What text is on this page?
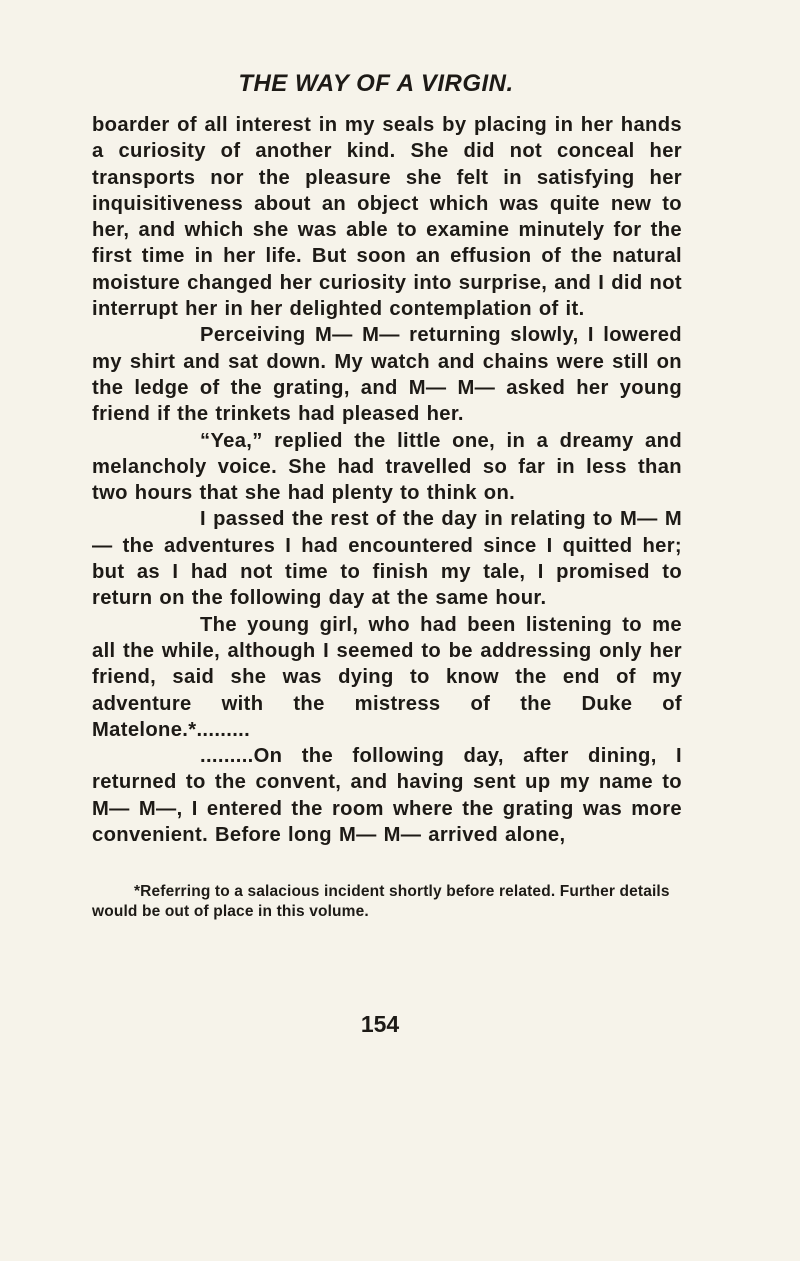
THE WAY OF A VIRGIN.

boarder of all interest in my seals by placing in her hands a curiosity of another kind. She did not conceal her transports nor the pleasure she felt in satisfying her inquisitiveness about an object which was quite new to her, and which she was able to examine minutely for the first time in her life. But soon an effusion of the natural moisture changed her curiosity into surprise, and I did not interrupt her in her delighted contemplation of it.

Perceiving M— M— returning slowly, I lowered my shirt and sat down. My watch and chains were still on the ledge of the grating, and M— M— asked her young friend if the trinkets had pleased her.

“Yea,” replied the little one, in a dreamy and melancholy voice. She had travelled so far in less than two hours that she had plenty to think on.

I passed the rest of the day in relating to M— M— the adventures I had encountered since I quitted her; but as I had not time to finish my tale, I promised to return on the following day at the same hour.

The young girl, who had been listening to me all the while, although I seemed to be addressing only her friend, said she was dying to know the end of my adventure with the mistress of the Duke of Matelone.*.........

.........On the following day, after dining, I returned to the convent, and having sent up my name to M— M—, I entered the room where the grating was more convenient. Before long M— M— arrived alone,

*Referring to a salacious incident shortly before related. Further details would be out of place in this volume.

154
